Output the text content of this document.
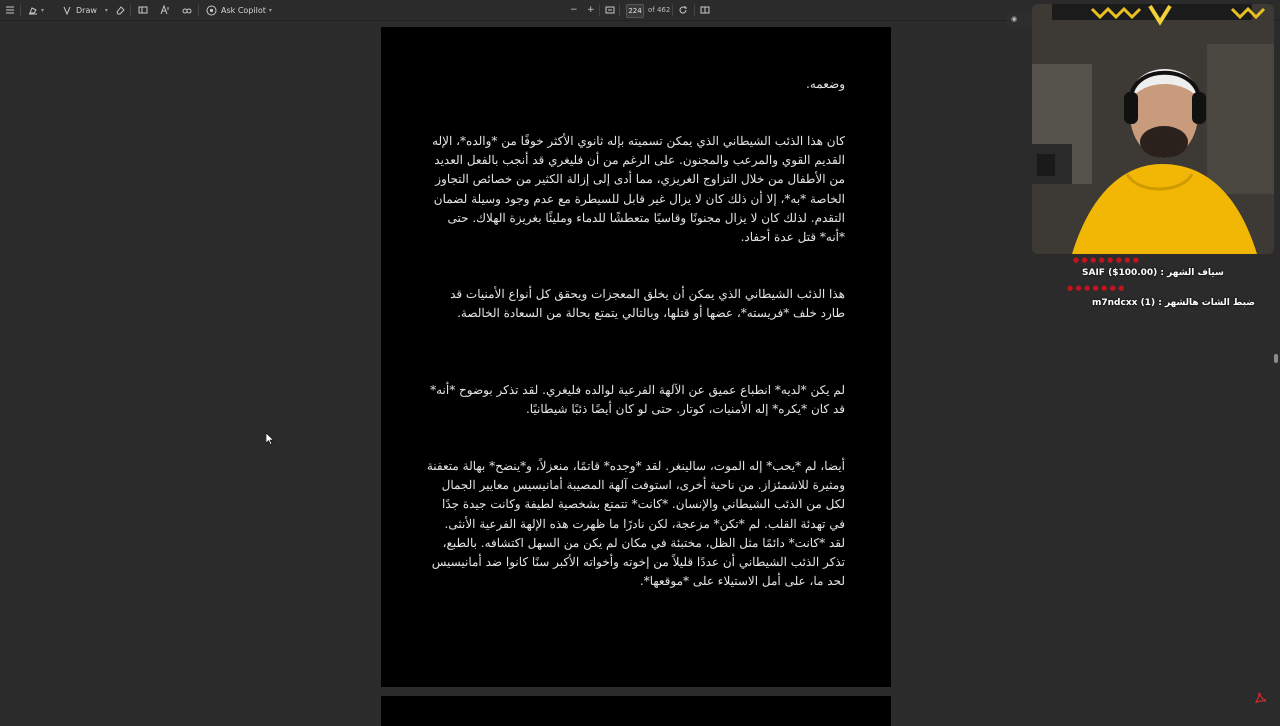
▾	Draw ▾	Ask Copilot ▾	− +
224	of 462

وضعمه.

كان هذا الذئب الشيطاني الذي يمكن تسميته بإله ثانوي الأكثر خوفًا من *والده*، الإله القديم القوي والمرعب والمجنون. على الرغم من أن فليغري قد أنجب بالفعل العديد من الأطفال من خلال التزاوج الغريزي، مما أدى إلى إزالة الكثير من خصائص التجاوز الخاصة *به*، إلا أن ذلك كان لا يزال غير قابل للسيطرة مع عدم وجود وسيلة لضمان التقدم. لذلك كان لا يزال مجنونًا وقاسيًا متعطشًا للدماء ومليئًا بغريزة الهلاك. حتى *أنه* قتل عدة أحفاد.

هذا الذئب الشيطاني الذي يمكن أن يخلق المعجزات ويحقق كل أنواع الأمنيات قد طارد خلف *فريسته*، عضها أو قتلها، وبالتالي يتمتع بحالة من السعادة الخالصة.

لم يكن *لديه* انطباع عميق عن الآلهة الفرعية لوالده فليغري. لقد تذكر بوضوح *أنه* قد كان *يكره* إله الأمنيات، كوتار. حتى لو كان أيضًا ذئبًا شيطانيًا.

أيضا، لم *يحب* إله الموت، سالينغر. لقد *وجده* قاتمًا، منعزلاً، و*ينضح* بهالة متعفنة ومثيرة للاشمئزاز. من ناحية أخرى، استوفت آلهة المصيبة أمانيسيس معايير الجمال لكل من الذئب الشيطاني والإنسان. *كانت* تتمتع بشخصية لطيفة وكانت جيدة جدًا في تهدئة القلب. لم *تكن* مزعجة، لكن نادرًا ما ظهرت هذه الإلهة الفرعية الأنثى. لقد *كانت* دائمًا مثل الظل، مختبئة في مكان لم يكن من السهل اكتشافه. بالطبع، تذكر الذئب الشيطاني أن عددًا قليلاً من إخوته وأخواته الأكبر سنًا كانوا ضد أمانيسيس لحد ما، على أمل الاستيلاء على *موقعها*.

◉
● ● ● ● ● ● ● ●
SAIF ($100.00) : سياف الشهر
● ● ● ● ● ● ●
m7ndcxx (1) : ضبط الشات هالشهر
